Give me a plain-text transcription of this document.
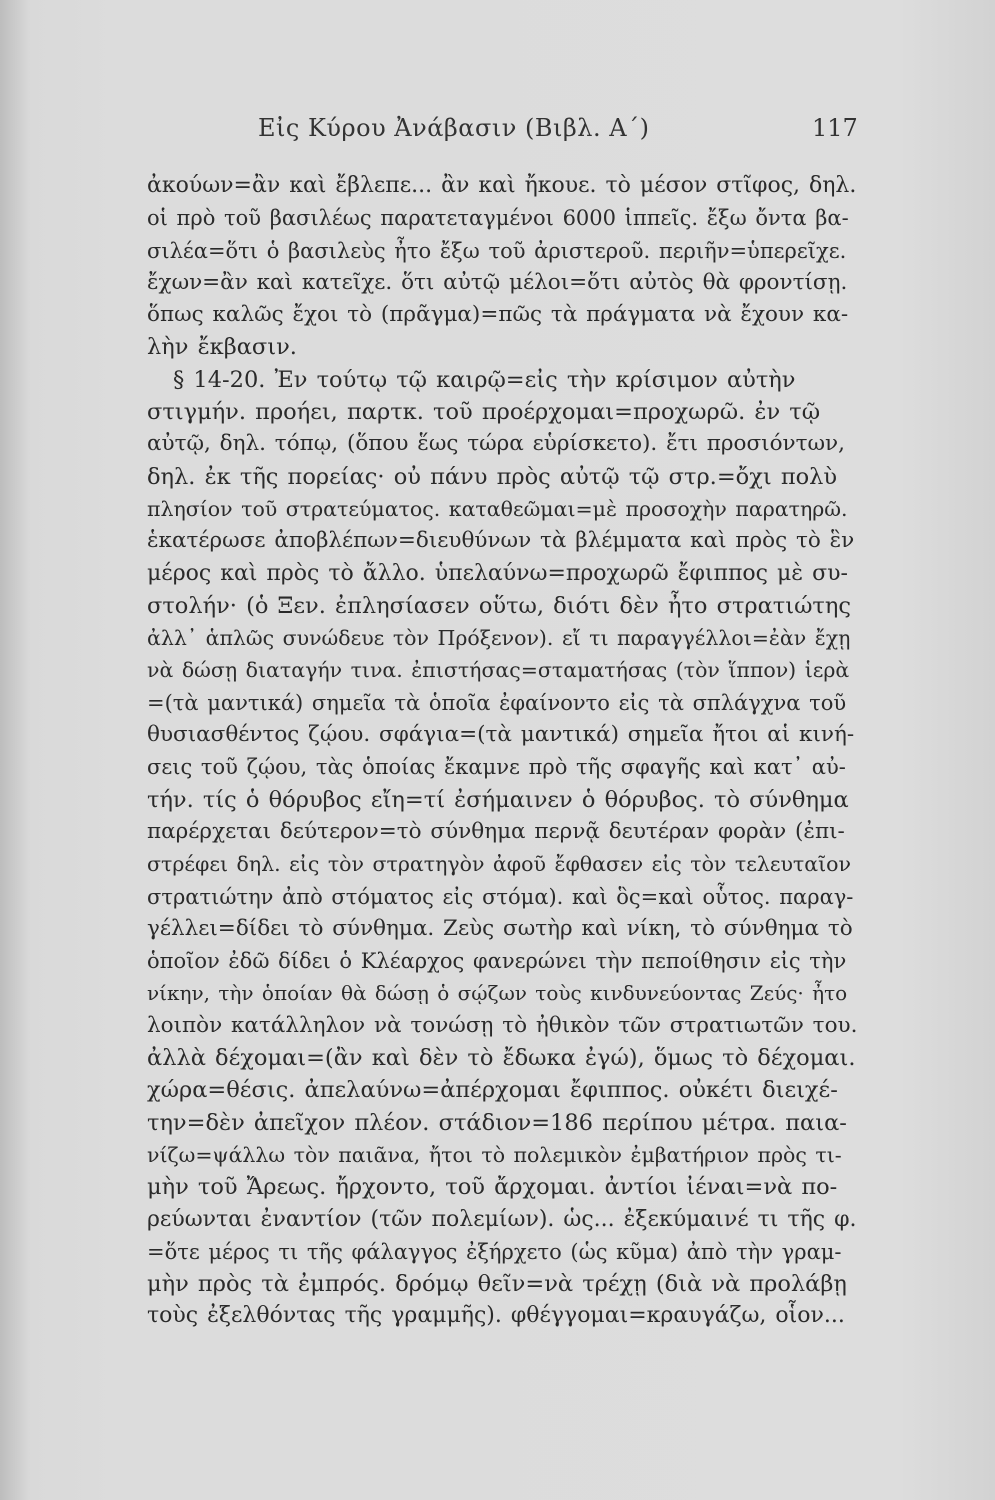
Εἰς Κύρου Ἀνάβασιν (Βιβλ. Α΄)	117
ἀκούων=ἂν καὶ ἔβλεπε... ἂν καὶ ἤκουε. τὸ μέσον στῖφος, δηλ.
οἱ πρὸ τοῦ βασιλέως παρατεταγμένοι 6000 ἱππεῖς. ἔξω ὄντα βα-
σιλέα=ὅτι ὁ βασιλεὺς ἦτο ἔξω τοῦ ἀριστεροῦ. περιῆν=ὑπερεῖχε.
ἔχων=ἂν καὶ κατεῖχε. ὅτι αὐτῷ μέλοι=ὅτι αὐτὸς θὰ φροντίσῃ.
ὅπως καλῶς ἔχοι τὸ (πρᾶγμα)=πῶς τὰ πράγματα νὰ ἔχουν κα-
λὴν ἔκβασιν.
§ 14-20. Ἐν τούτῳ τῷ καιρῷ=εἰς τὴν κρίσιμον αὐτὴν
στιγμήν. προήει, παρτκ. τοῦ προέρχομαι=προχωρῶ. ἐν τῷ
αὐτῷ, δηλ. τόπῳ, (ὅπου ἕως τώρα εὑρίσκετο). ἔτι προσιόντων,
δηλ. ἐκ τῆς πορείας· οὐ πάνυ πρὸς αὐτῷ τῷ στρ.=ὄχι πολὺ
πλησίον τοῦ στρατεύματος. καταθεῶμαι=μὲ προσοχὴν παρατηρῶ.
ἑκατέρωσε ἀποβλέπων=διευθύνων τὰ βλέμματα καὶ πρὸς τὸ ἓν
μέρος καὶ πρὸς τὸ ἄλλο. ὑπελαύνω=προχωρῶ ἔφιππος μὲ συ-
στολήν· (ὁ Ξεν. ἐπλησίασεν οὕτω, διότι δὲν ἦτο στρατιώτης
ἀλλ᾽ ἁπλῶς συνώδευε τὸν Πρόξενον). εἴ τι παραγγέλλοι=ἐὰν ἔχῃ
νὰ δώσῃ διαταγήν τινα. ἐπιστήσας=σταματήσας (τὸν ἵππον) ἱερὰ
=(τὰ μαντικά) σημεῖα τὰ ὁποῖα ἐφαίνοντο εἰς τὰ σπλάγχνα τοῦ
θυσιασθέντος ζῴου. σφάγια=(τὰ μαντικά) σημεῖα ἤτοι αἱ κινή-
σεις τοῦ ζῴου, τὰς ὁποίας ἔκαμνε πρὸ τῆς σφαγῆς καὶ κατ᾽ αὐ-
τήν. τίς ὁ θόρυβος εἴη=τί ἐσήμαινεν ὁ θόρυβος. τὸ σύνθημα
παρέρχεται δεύτερον=τὸ σύνθημα περνᾷ δευτέραν φορὰν (ἐπι-
στρέφει δηλ. εἰς τὸν στρατηγὸν ἀφοῦ ἔφθασεν εἰς τὸν τελευταῖον
στρατιώτην ἀπὸ στόματος εἰς στόμα). καὶ ὃς=καὶ οὗτος. παραγ-
γέλλει=δίδει τὸ σύνθημα. Ζεὺς σωτὴρ καὶ νίκη, τὸ σύνθημα τὸ
ὁποῖον ἐδῶ δίδει ὁ Κλέαρχος φανερώνει τὴν πεποίθησιν εἰς τὴν
νίκην, τὴν ὁποίαν θὰ δώσῃ ὁ σῴζων τοὺς κινδυνεύοντας Ζεύς· ἦτο
λοιπὸν κατάλληλον νὰ τονώσῃ τὸ ἠθικὸν τῶν στρατιωτῶν του.
ἀλλὰ δέχομαι=(ἂν καὶ δὲν τὸ ἔδωκα ἐγώ), ὅμως τὸ δέχομαι.
χώρα=θέσις. ἀπελαύνω=ἀπέρχομαι ἔφιππος. οὐκέτι διειχέ-
την=δὲν ἀπεῖχον πλέον. στάδιον=186 περίπου μέτρα. παια-
νίζω=ψάλλω τὸν παιᾶνα, ἤτοι τὸ πολεμικὸν ἐμβατήριον πρὸς τι-
μὴν τοῦ Ἄρεως. ἤρχοντο, τοῦ ἄρχομαι. ἀντίοι ἰέναι=νὰ πο-
ρεύωνται ἐναντίον (τῶν πολεμίων). ὡς... ἐξεκύμαινέ τι τῆς φ.
=ὅτε μέρος τι τῆς φάλαγγος ἐξήρχετο (ὡς κῦμα) ἀπὸ τὴν γραμ-
μὴν πρὸς τὰ ἐμπρός. δρόμῳ θεῖν=νὰ τρέχῃ (διὰ νὰ προλάβῃ
τοὺς ἐξελθόντας τῆς γραμμῆς). φθέγγομαι=κραυγάζω, οἷον...
